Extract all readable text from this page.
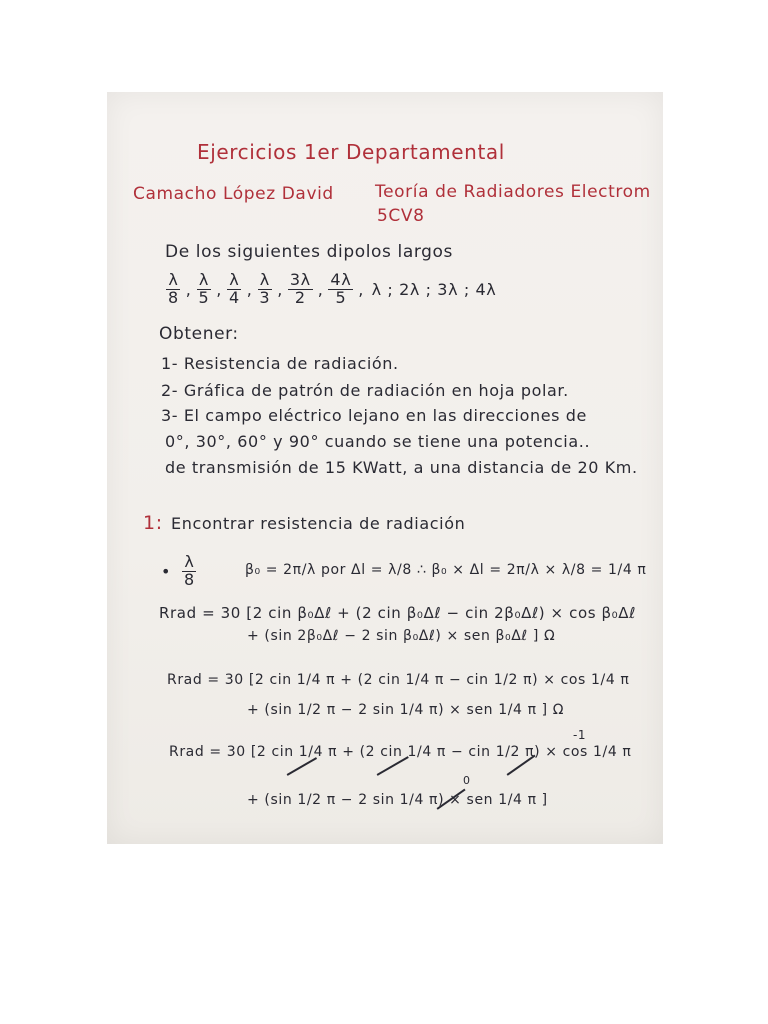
Ejercicios 1er Departamental
Camacho López David Teoría de Radiadores Electrom
5CV8
De los siguientes dipolos largos
$\frac{\lambda}{8}$ , $\frac{\lambda}{5}$ , $\frac{\lambda}{4}$ , $\frac{\lambda}{3}$ , $\frac{3\lambda}{2}$ , $\frac{4\lambda}{5}$ , λ ; 2λ ; 3λ ; 4λ
Obtener:
1- Resistencia de radiación.
2- Gráfica de patrón de radiación en hoja polar.
3- El campo eléctrico lejano en las direcciones de
0°, 30°, 60° y 90° cuando se tiene una potencia..
de transmisión de 15 KWatt, a una distancia de 20 Km.
1: Encontrar resistencia de radiación
• $\frac{\lambda}{8}$	β₀ = 2π/λ por Δl = λ/8 ∴ β₀ × Δl = 2π/λ × λ/8 = 1/4 π
Rrad = 30 [2 cin β₀Δℓ + (2 cin β₀Δℓ − cin 2β₀Δℓ) × cos β₀Δℓ
+ (sin 2β₀Δℓ − 2 sin β₀Δℓ) × sen β₀Δℓ ] Ω
Rrad = 30 [2 cin 1/4 π + (2 cin 1/4 π − cin 1/2 π) × cos 1/4 π
+ (sin 1/2 π − 2 sin 1/4 π) × sen 1/4 π ] Ω
Rrad = 30 [2 cin 1/4 π + (2 cin 1/4 π − cin 1/2 π) × cos 1/4 π
-1
+ (sin 1/2 π − 2 sin 1/4 π) × sen 1/4 π ]
0
